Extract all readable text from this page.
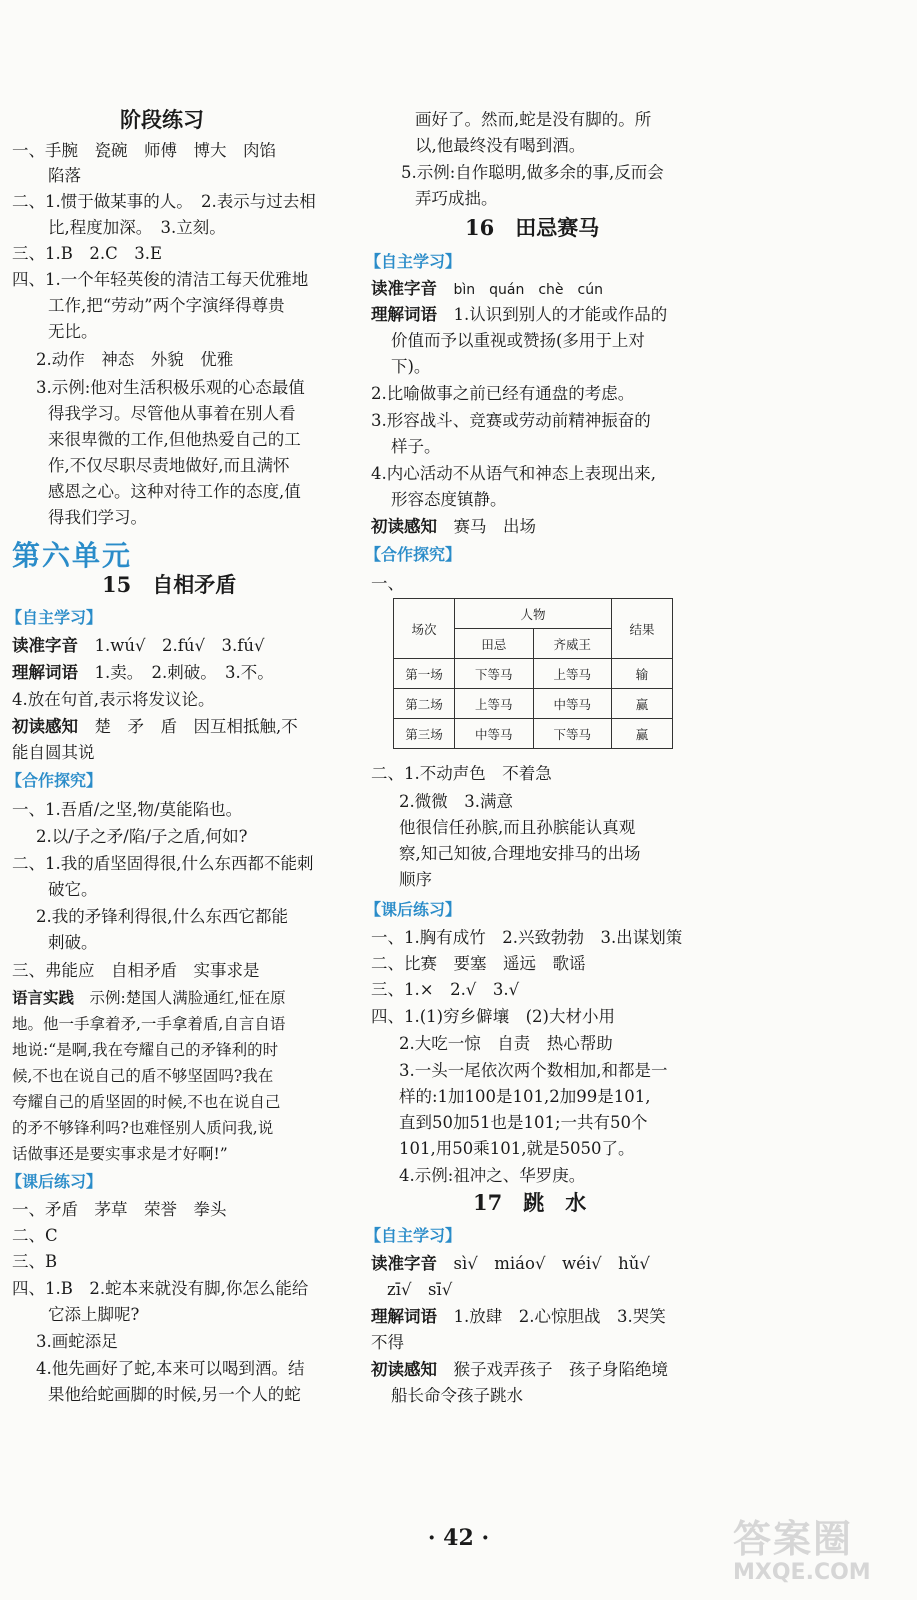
阶段练习
一、手腕　瓷碗　师傅　博大　肉馅
陷落
二、1.惯于做某事的人。　2.表示与过去相
比,程度加深。　3.立刻。
三、1.B　2.C　3.E
四、1.一个年轻英俊的清洁工每天优雅地
工作,把“劳动”两个字演绎得尊贵
无比。
2.动作　神态　外貌　优雅
3.示例:他对生活积极乐观的心态最值
得我学习。尽管他从事着在别人看
来很卑微的工作,但他热爱自己的工
作,不仅尽职尽责地做好,而且满怀
感恩之心。这种对待工作的态度,值
得我们学习。
第六单元
15　自相矛盾
【自主学习】
读准字音　 1.wú√　2.fú√　3.fú√
理解词语　 1.卖。　2.刺破。　3.不。
4.放在句首,表示将发议论。
初读感知　 楚　矛　盾　因互相抵触,不
能自圆其说
【合作探究】
一、1.吾盾/之坚,物/莫能陷也。
2.以/子之矛/陷/子之盾,何如?
二、1.我的盾坚固得很,什么东西都不能刺
破它。
2.我的矛锋利得很,什么东西它都能
刺破。
三、弗能应　自相矛盾　实事求是
语言实践　 示例:楚国人满脸通红,怔在原
地。他一手拿着矛,一手拿着盾,自言自语
地说:“是啊,我在夸耀自己的矛锋利的时
候,不也在说自己的盾不够坚固吗?我在
夸耀自己的盾坚固的时候,不也在说自己
的矛不够锋利吗?也难怪别人质问我,说
话做事还是要实事求是才好啊!”
【课后练习】
一、矛盾　茅草　荣誉　拳头
二、C
三、B
四、1.B　2.蛇本来就没有脚,你怎么能给
它添上脚呢?
3.画蛇添足
4.他先画好了蛇,本来可以喝到酒。结
果他给蛇画脚的时候,另一个人的蛇
画好了。然而,蛇是没有脚的。所
以,他最终没有喝到酒。
5.示例:自作聪明,做多余的事,反而会
弄巧成拙。
16　田忌赛马
【自主学习】
读准字音　 bìn　quán　chè　cún
理解词语　 1.认识到别人的才能或作品的
价值而予以重视或赞扬(多用于上对
下)。
2.比喻做事之前已经有通盘的考虑。
3.形容战斗、竞赛或劳动前精神振奋的
样子。
4.内心活动不从语气和神态上表现出来,
形容态度镇静。
初读感知　 赛马　出场
【合作探究】
一、
场次	人物		结果
	田忌	齐威王	
第一场	下等马	上等马	输
第二场	上等马	中等马	赢
第三场	中等马	下等马	赢
二、1.不动声色　不着急
2.微微　3.满意
他很信任孙膑,而且孙膑能认真观
察,知己知彼,合理地安排马的出场
顺序
【课后练习】
一、1.胸有成竹　2.兴致勃勃　3.出谋划策
二、比赛　要塞　遥远　歌谣
三、1.×　2.√　3.√
四、1.(1)穷乡僻壤　(2)大材小用
2.大吃一惊　自责　热心帮助
3.一头一尾依次两个数相加,和都是一
样的:1加100是101,2加99是101,
直到50加51也是101;一共有50个
101,用50乘101,就是5050了。
4.示例:祖冲之、华罗庚。
17　跳　水
【自主学习】
读准字音　 sì√　miáo√　wéi√　hǔ√
zī√　sī√
理解词语　 1.放肆　2.心惊胆战　3.哭笑
不得
初读感知　 猴子戏弄孩子　孩子身陷绝境
船长命令孩子跳水
· 42 ·	答案圈
MXQE.COM
